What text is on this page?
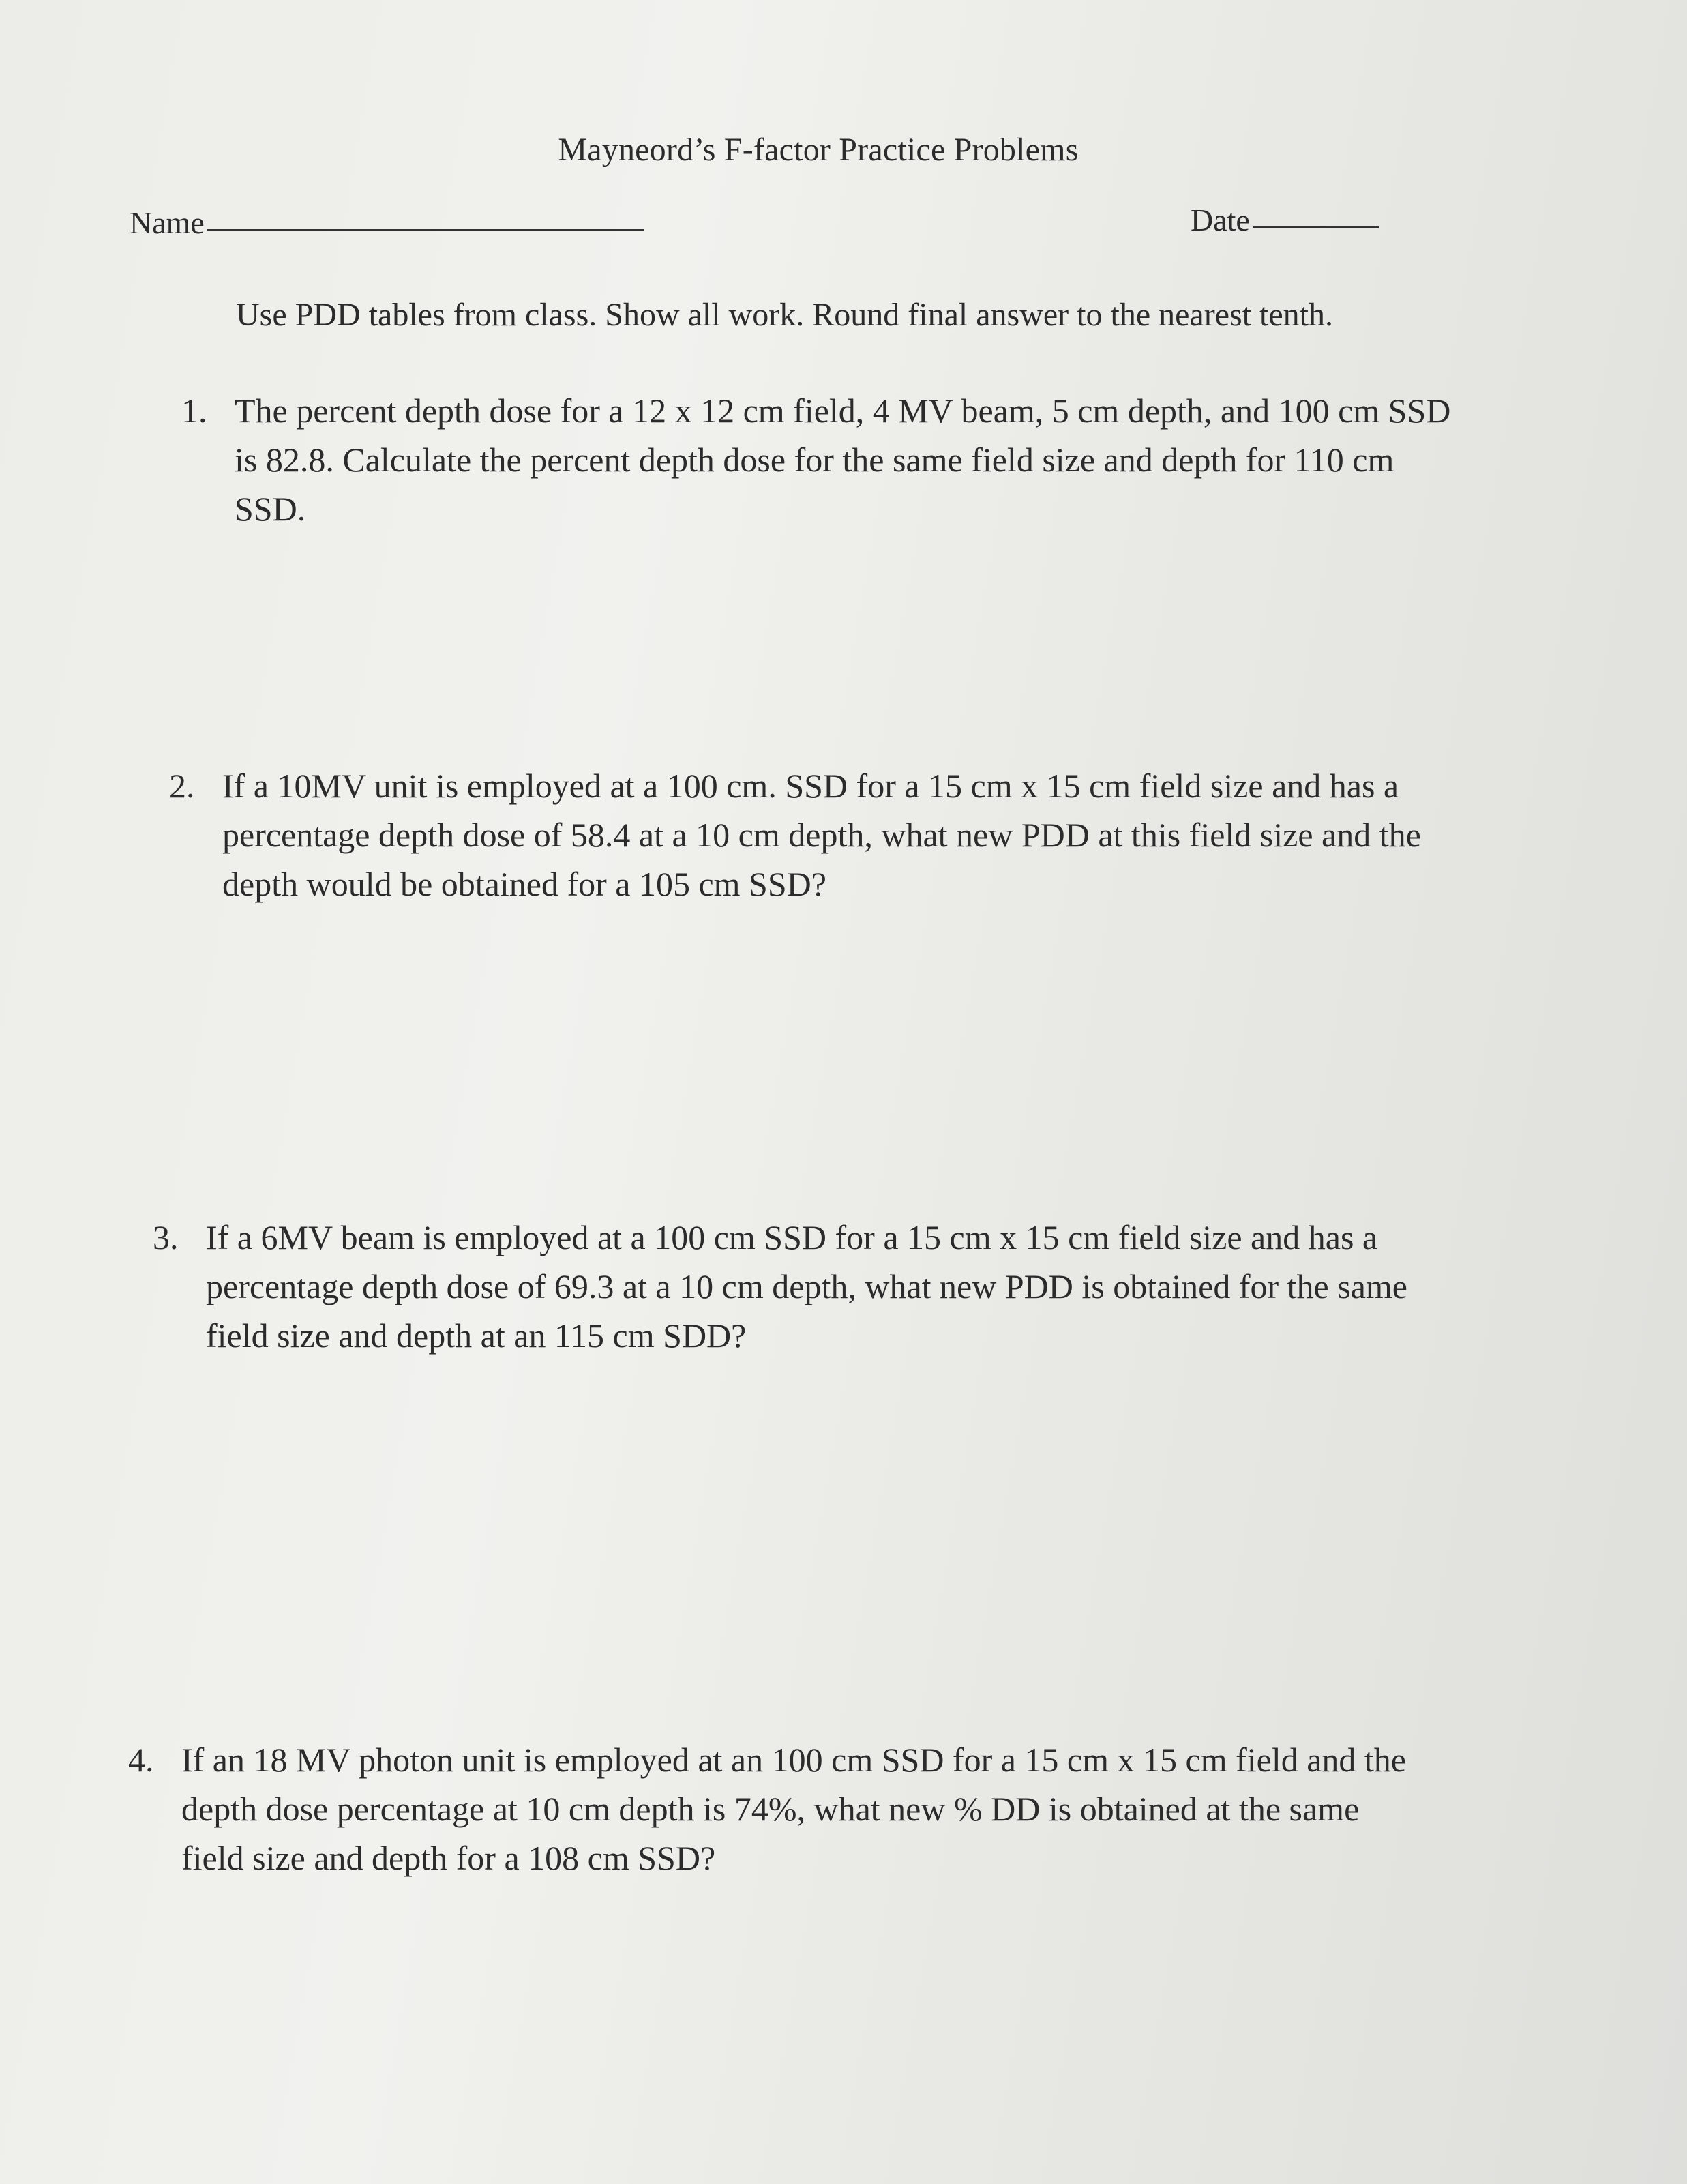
Mayneord’s F-factor Practice Problems
Name	Date
Use PDD tables from class. Show all work. Round final answer to the nearest tenth.
1. The percent depth dose for a 12 x 12 cm field, 4 MV beam, 5 cm depth, and 100 cm SSD
is 82.8. Calculate the percent depth dose for the same field size and depth for 110 cm
SSD.
2. If a 10MV unit is employed at a 100 cm. SSD for a 15 cm x 15 cm field size and has a
percentage depth dose of 58.4 at a 10 cm depth, what new PDD at this field size and the
depth would be obtained for a 105 cm SSD?
3. If a 6MV beam is employed at a 100 cm SSD for a 15 cm x 15 cm field size and has a
percentage depth dose of 69.3 at a 10 cm depth, what new PDD is obtained for the same
field size and depth at an 115 cm SDD?
4. If an 18 MV photon unit is employed at an 100 cm SSD for a 15 cm x 15 cm field and the
depth dose percentage at 10 cm depth is 74%, what new % DD is obtained at the same
field size and depth for a 108 cm SSD?
